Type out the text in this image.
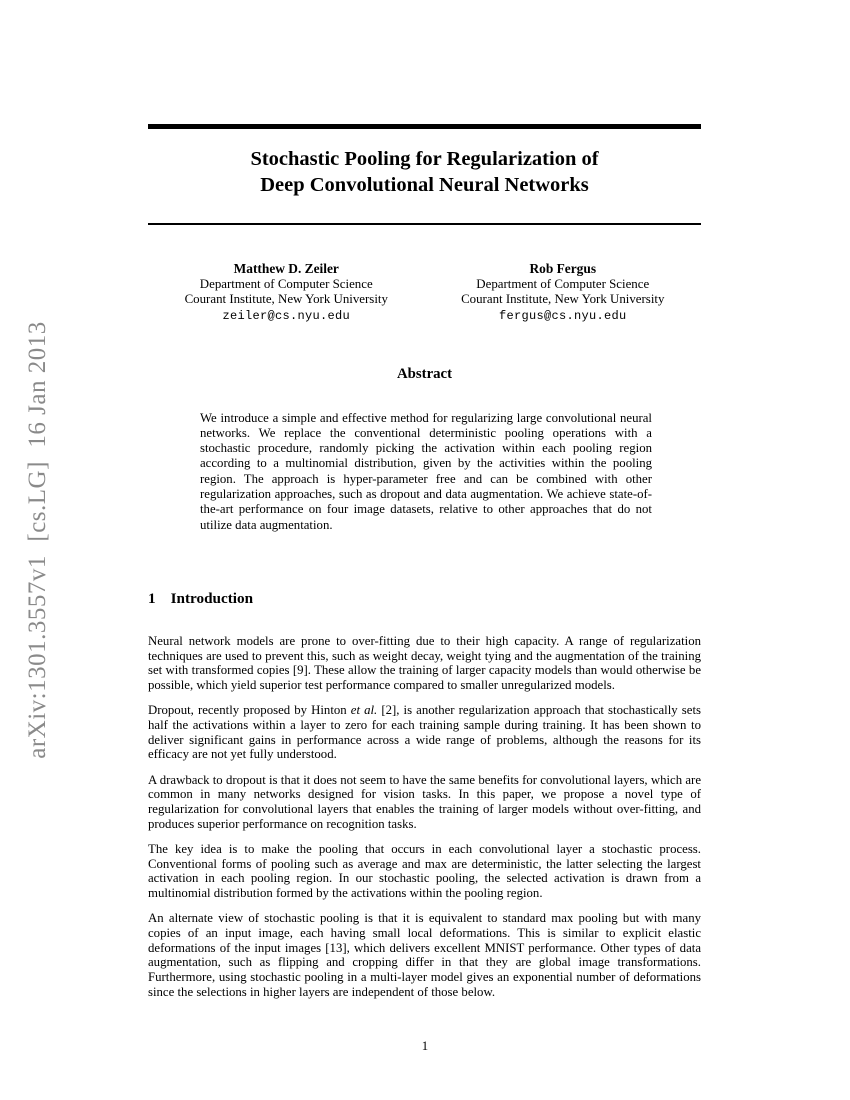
arXiv:1301.3557v1  [cs.LG]  16 Jan 2013
Stochastic Pooling for Regularization of
Deep Convolutional Neural Networks
Matthew D. Zeiler
Department of Computer Science
Courant Institute, New York University
zeiler@cs.nyu.edu
Rob Fergus
Department of Computer Science
Courant Institute, New York University
fergus@cs.nyu.edu
Abstract
We introduce a simple and effective method for regularizing large convolutional neural networks. We replace the conventional deterministic pooling operations with a stochastic procedure, randomly picking the activation within each pooling region according to a multinomial distribution, given by the activities within the pooling region. The approach is hyper-parameter free and can be combined with other regularization approaches, such as dropout and data augmentation. We achieve state-of-the-art performance on four image datasets, relative to other approaches that do not utilize data augmentation.
1 Introduction

Neural network models are prone to over-fitting due to their high capacity. A range of regularization techniques are used to prevent this, such as weight decay, weight tying and the augmentation of the training set with transformed copies [9]. These allow the training of larger capacity models than would otherwise be possible, which yield superior test performance compared to smaller unregularized models.

Dropout, recently proposed by Hinton et al. [2], is another regularization approach that stochastically sets half the activations within a layer to zero for each training sample during training. It has been shown to deliver significant gains in performance across a wide range of problems, although the reasons for its efficacy are not yet fully understood.

A drawback to dropout is that it does not seem to have the same benefits for convolutional layers, which are common in many networks designed for vision tasks. In this paper, we propose a novel type of regularization for convolutional layers that enables the training of larger models without over-fitting, and produces superior performance on recognition tasks.

The key idea is to make the pooling that occurs in each convolutional layer a stochastic process. Conventional forms of pooling such as average and max are deterministic, the latter selecting the largest activation in each pooling region. In our stochastic pooling, the selected activation is drawn from a multinomial distribution formed by the activations within the pooling region.

An alternate view of stochastic pooling is that it is equivalent to standard max pooling but with many copies of an input image, each having small local deformations. This is similar to explicit elastic deformations of the input images [13], which delivers excellent MNIST performance. Other types of data augmentation, such as flipping and cropping differ in that they are global image transformations. Furthermore, using stochastic pooling in a multi-layer model gives an exponential number of deformations since the selections in higher layers are independent of those below.

1
